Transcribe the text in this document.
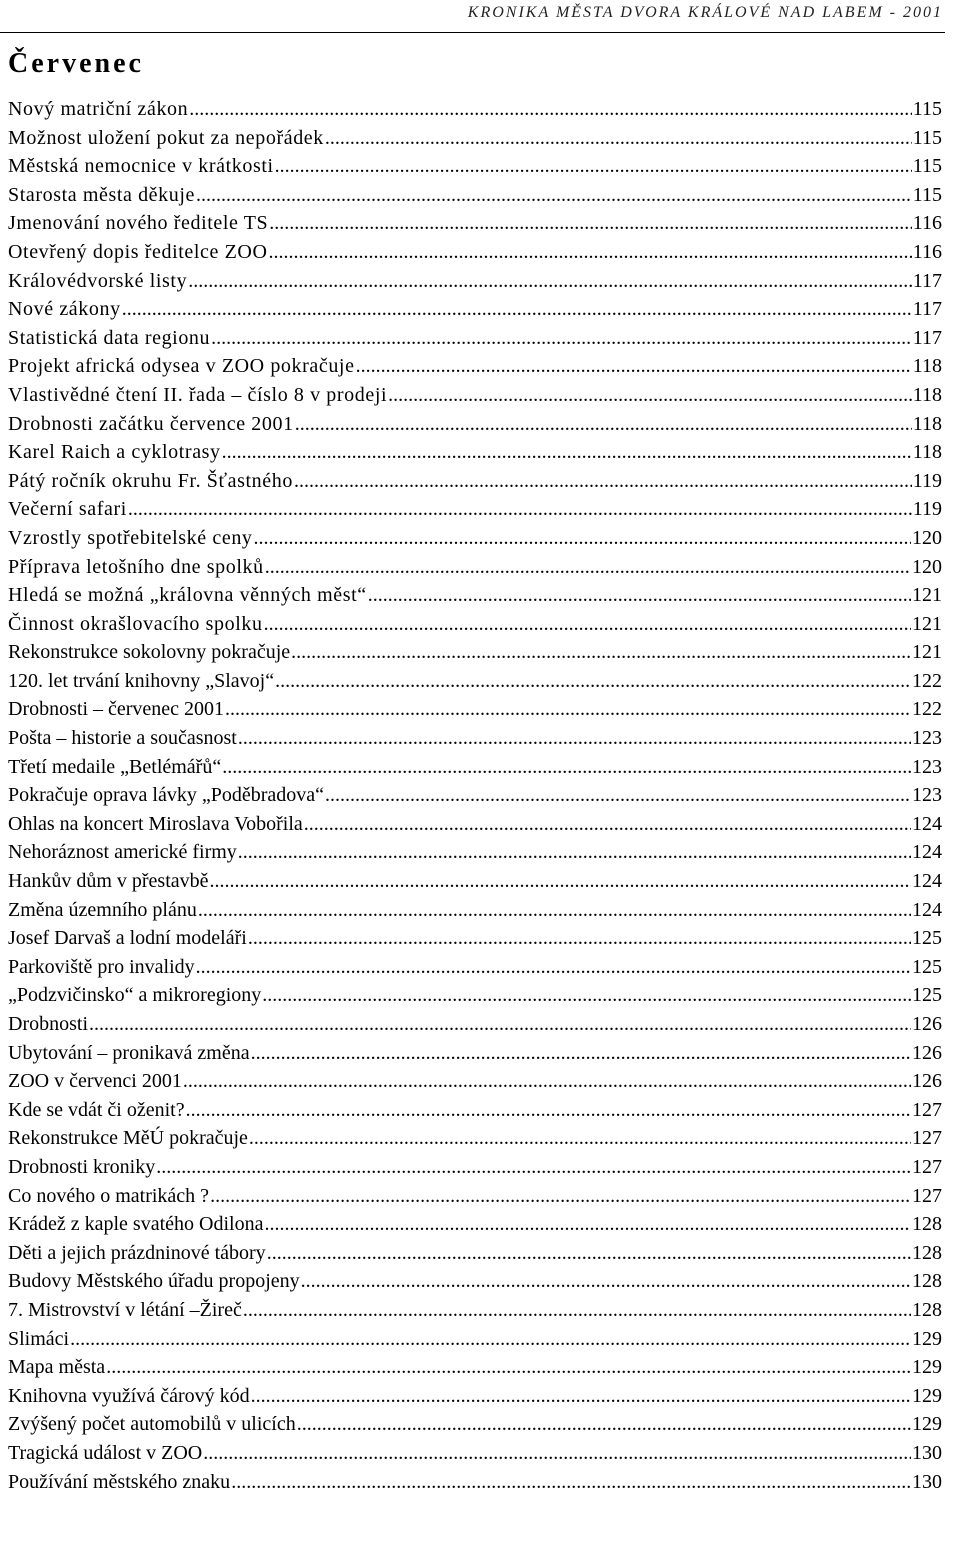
KRONIKA MĚSTA DVORA KRÁLOVÉ NAD LABEM - 2001
Červenec
Nový matriční zákon .....	115
Možnost uložení pokut za nepořádek .....	115
Městská nemocnice v krátkosti .....	115
Starosta města děkuje .....	115
Jmenování nového ředitele TS .....	116
Otevřený dopis ředitelce ZOO .....	116
Královédvorské listy .....	117
Nové zákony .....	117
Statistická data regionu .....	117
Projekt africká odysea v ZOO pokračuje .....	118
Vlastivědné čtení II. řada – číslo 8 v prodeji .....	118
Drobnosti začátku července 2001 .....	118
Karel Raich a cyklotrasy .....	118
Pátý ročník okruhu Fr. Šťastného .....	119
Večerní safari .....	119
Vzrostly spotřebitelské ceny .....	120
Příprava letošního dne spolků .....	120
Hledá se možná „královna věnných měst“ .....	121
Činnost okrašlovacího spolku .....	121
Rekonstrukce sokolovny pokračuje .....	121
120. let trvání knihovny „Slavoj“ .....	122
Drobnosti – červenec 2001 .....	122
Pošta – historie a současnost .....	123
Třetí medaile „Betlémářů“ .....	123
Pokračuje oprava lávky „Poděbradova“ .....	123
Ohlas na koncert Miroslava Vobořila .....	124
Nehoráznost americké firmy .....	124
Hankův dům v přestavbě .....	124
Změna územního plánu .....	124
Josef Darvaš a lodní modeláři .....	125
Parkoviště pro invalidy .....	125
„Podzvičinsko“ a mikroregiony .....	125
Drobnosti .....	126
Ubytování – pronikavá změna .....	126
ZOO v červenci 2001 .....	126
Kde se vdát či oženit? .....	127
Rekonstrukce MěÚ pokračuje .....	127
Drobnosti kroniky .....	127
Co nového o matrikách ? .....	127
Krádež z kaple svatého Odilona .....	128
Děti a jejich prázdninové tábory .....	128
Budovy Městského úřadu propojeny .....	128
7. Mistrovství v létání –Žireč .....	128
Slimáci .....	129
Mapa města .....	129
Knihovna využívá čárový kód .....	129
Zvýšený počet automobilů v ulicích .....	129
Tragická událost v ZOO .....	130
Používání městského znaku .....	130
